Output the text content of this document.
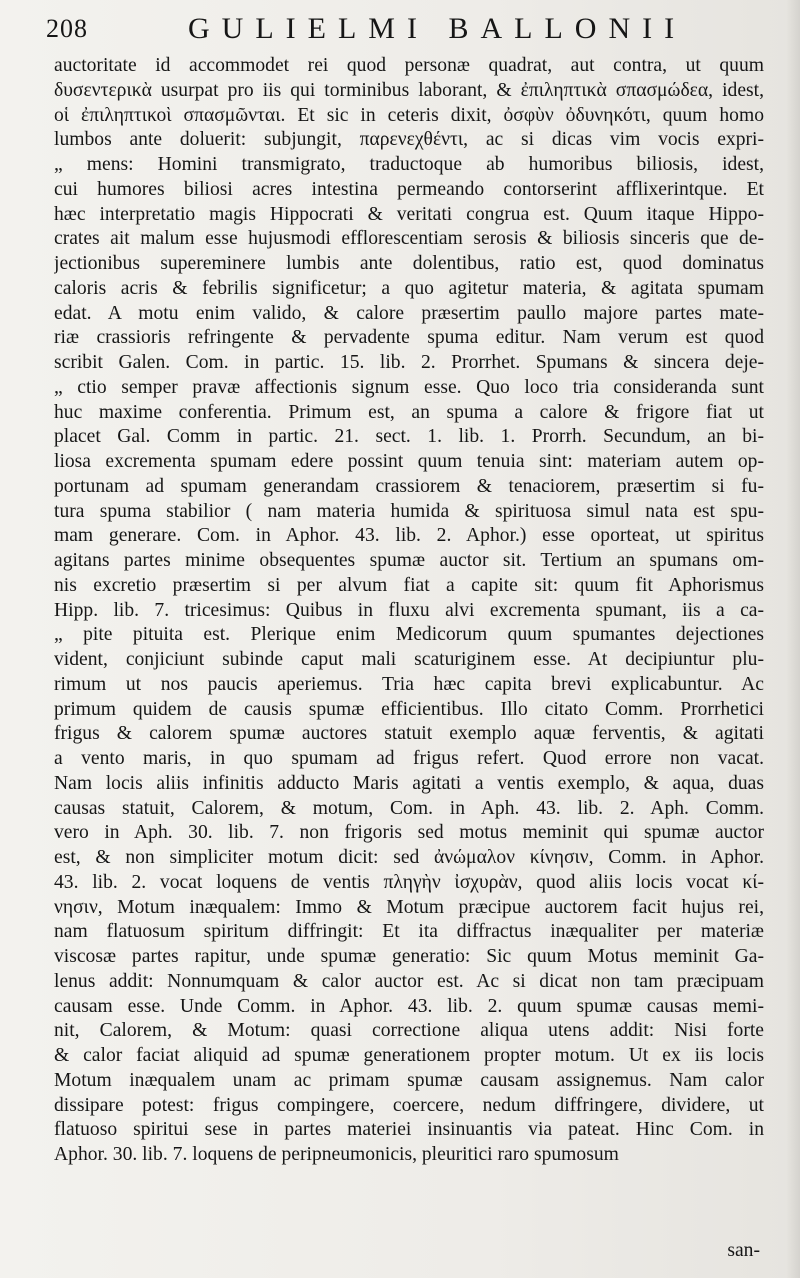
208	GULIELMI BALLONII
auctoritate id accommodet rei quod personæ quadrat, aut contra, ut quum
δυσεντερικὰ usurpat pro iis qui torminibus laborant, & ἐπιληπτικὰ σπασμώδεα, idest,
οἱ ἐπιληπτικοὶ σπασμῶνται. Et sic in ceteris dixit, ὀσφὺν ὀδυνηκότι, quum homo
lumbos ante doluerit: subjungit, παρενεχθέντι, ac si dicas vim vocis expri-
„ mens: Homini transmigrato, traductoque ab humoribus biliosis, idest,
cui humores biliosi acres intestina permeando contorserint afflixerintque. Et
hæc interpretatio magis Hippocrati & veritati congrua est. Quum itaque Hippo-
crates ait malum esse hujusmodi efflorescentiam serosis & biliosis sinceris que de-
jectionibus supereminere lumbis ante dolentibus, ratio est, quod dominatus
caloris acris & febrilis significetur; a quo agitetur materia, & agitata spumam
edat. A motu enim valido, & calore præsertim paullo majore partes mate-
riæ crassioris refringente & pervadente spuma editur. Nam verum est quod
scribit Galen. Com. in partic. 15. lib. 2. Prorrhet. Spumans & sincera deje-
„ ctio semper pravæ affectionis signum esse. Quo loco tria consideranda sunt
huc maxime conferentia. Primum est, an spuma a calore & frigore fiat ut
placet Gal. Comm in partic. 21. sect. 1. lib. 1. Prorrh. Secundum, an bi-
liosa excrementa spumam edere possint quum tenuia sint: materiam autem op-
portunam ad spumam generandam crassiorem & tenaciorem, præsertim si fu-
tura spuma stabilior ( nam materia humida & spirituosa simul nata est spu-
mam generare. Com. in Aphor. 43. lib. 2. Aphor.) esse oporteat, ut spiritus
agitans partes minime obsequentes spumæ auctor sit. Tertium an spumans om-
nis excretio præsertim si per alvum fiat a capite sit: quum fit Aphorismus
Hipp. lib. 7. tricesimus: Quibus in fluxu alvi excrementa spumant, iis a ca-
„ pite pituita est. Plerique enim Medicorum quum spumantes dejectiones
vident, conjiciunt subinde caput mali scaturiginem esse. At decipiuntur plu-
rimum ut nos paucis aperiemus. Tria hæc capita brevi explicabuntur. Ac
primum quidem de causis spumæ efficientibus. Illo citato Comm. Prorrhetici
frigus & calorem spumæ auctores statuit exemplo aquæ ferventis, & agitati
a vento maris, in quo spumam ad frigus refert. Quod errore non vacat.
Nam locis aliis infinitis adducto Maris agitati a ventis exemplo, & aqua, duas
causas statuit, Calorem, & motum, Com. in Aph. 43. lib. 2. Aph. Comm.
vero in Aph. 30. lib. 7. non frigoris sed motus meminit qui spumæ auctor
est, & non simpliciter motum dicit: sed ἀνώμαλον κίνησιν, Comm. in Aphor.
43. lib. 2. vocat loquens de ventis πληγὴν ἰσχυρὰν, quod aliis locis vocat κί-
νησιν, Motum inæqualem: Immo & Motum præcipue auctorem facit hujus rei,
nam flatuosum spiritum diffringit: Et ita diffractus inæqualiter per materiæ
viscosæ partes rapitur, unde spumæ generatio: Sic quum Motus meminit Ga-
lenus addit: Nonnumquam & calor auctor est. Ac si dicat non tam præcipuam
causam esse. Unde Comm. in Aphor. 43. lib. 2. quum spumæ causas memi-
nit, Calorem, & Motum: quasi correctione aliqua utens addit: Nisi forte
& calor faciat aliquid ad spumæ generationem propter motum. Ut ex iis locis
Motum inæqualem unam ac primam spumæ causam assignemus. Nam calor
dissipare potest: frigus compingere, coercere, nedum diffringere, dividere, ut
flatuoso spiritui sese in partes materiei insinuantis via pateat. Hinc Com. in
Aphor. 30. lib. 7. loquens de peripneumonicis, pleuritici raro spumosum
san-
